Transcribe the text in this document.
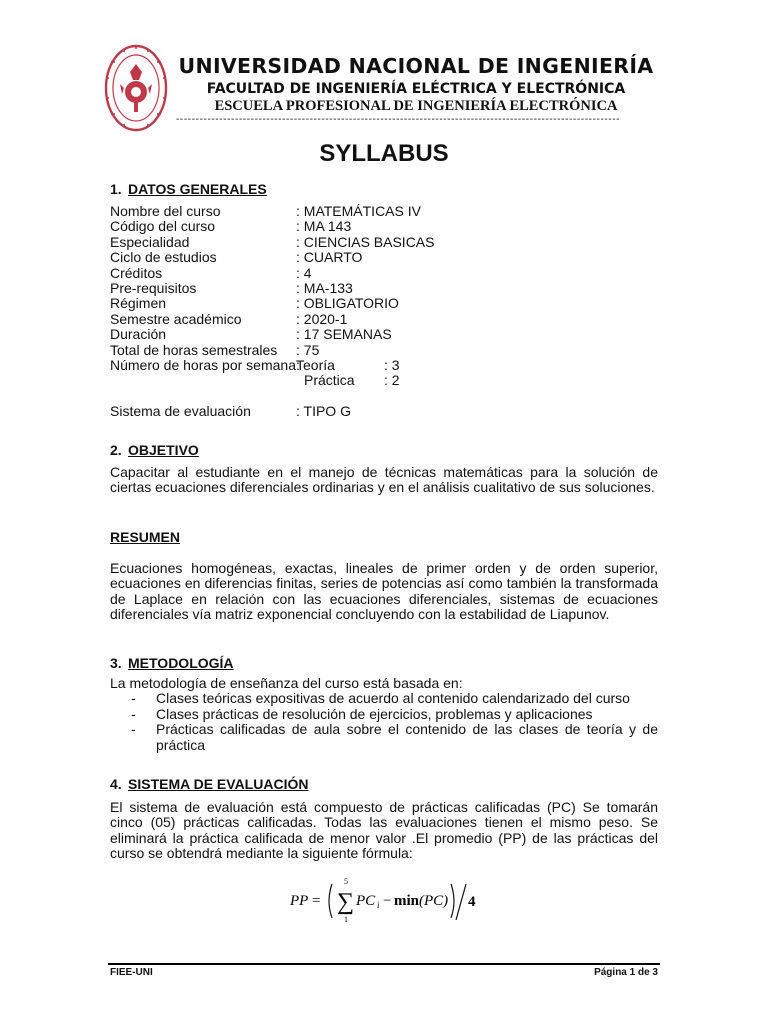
UNIVERSIDAD NACIONAL DE INGENIERÍA
FACULTAD DE INGENIERÍA ELÉCTRICA Y ELECTRÓNICA
ESCUELA PROFESIONAL DE INGENIERÍA ELECTRÓNICA
-----------------------------------------------------------------------------------------------------------------
SYLLABUS
1. DATOS GENERALES
Nombre del curso	: MATEMÁTICAS IV
Código del curso	: MA 143
Especialidad	: CIENCIAS BASICAS
Ciclo de estudios	: CUARTO
Créditos	: 4
Pre-requisitos	: MA-133
Régimen	: OBLIGATORIO
Semestre académico	: 2020-1
Duración	: 17 SEMANAS
Total de horas semestrales : 75
Número de horas por semana:
Teoría	: 3
Práctica : 2
Sistema de evaluación	: TIPO G
2. OBJETIVO
Capacitar al estudiante en el manejo de técnicas matemáticas para la solución de ciertas ecuaciones diferenciales ordinarias y en el análisis cualitativo de sus soluciones.
RESUMEN
Ecuaciones homogéneas, exactas, lineales de primer orden y de orden superior, ecuaciones en diferencias finitas, series de potencias así como también la transformada de Laplace en relación con las ecuaciones diferenciales, sistemas de ecuaciones diferenciales vía matriz exponencial concluyendo con la estabilidad de Liapunov.
3. METODOLOGÍA
La metodología de enseñanza del curso está basada en:
- Clases teóricas expositivas de acuerdo al contenido calendarizado del curso
- Clases prácticas de resolución de ejercicios, problemas y aplicaciones
- Prácticas calificadas de aula sobre el contenido de las clases de teoría y de práctica
4. SISTEMA DE EVALUACIÓN
El sistema de evaluación está compuesto de prácticas calificadas (PC) Se tomarán cinco (05) prácticas calificadas. Todas las evaluaciones tienen el mismo peso. Se eliminará la práctica calificada de menor valor .El promedio (PP) de las prácticas del curso se obtendrá mediante la siguiente fórmula:
PP =
5
∑
1
PC i − min (PC) 4
FIEE-UNI	Página 1 de 3
